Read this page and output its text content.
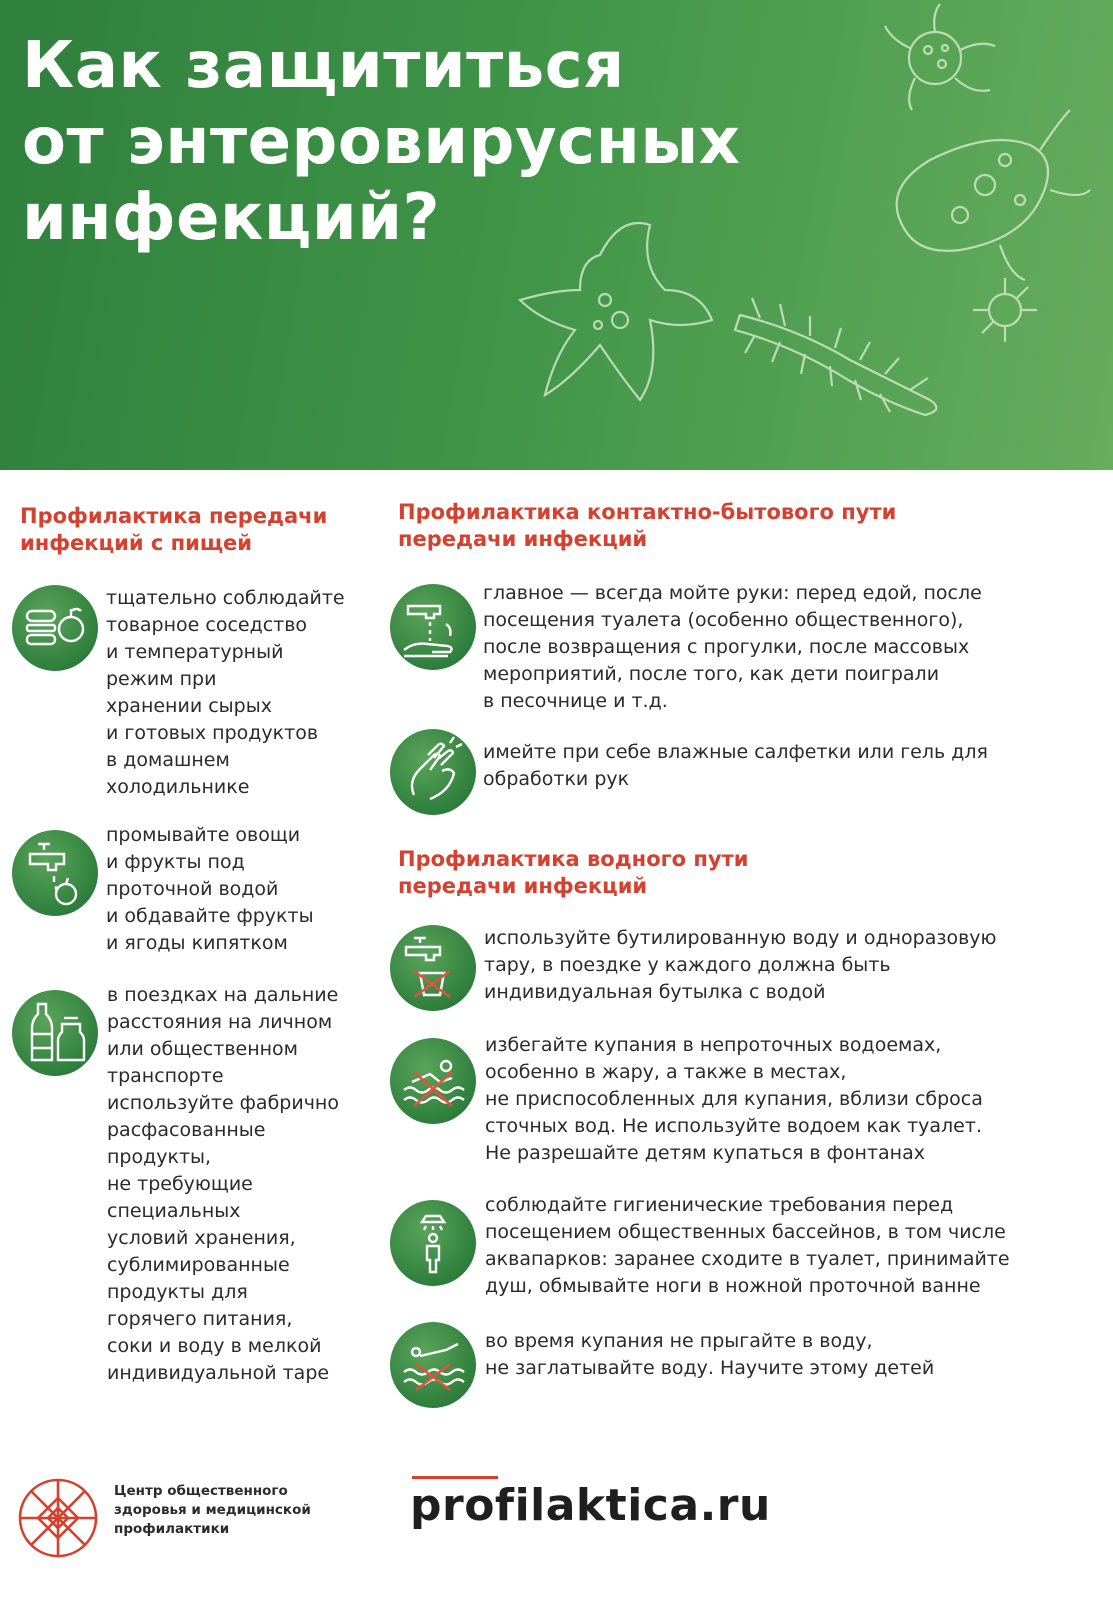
Как защититься
от энтеровирусных
инфекций?
Профилактика передачи
инфекций с пищей
тщательно соблюдайте
товарное соседство
и температурный
режим при
хранении сырых
и готовых продуктов
в домашнем
холодильнике
промывайте овощи
и фрукты под
проточной водой
и обдавайте фрукты
и ягоды кипятком
в поездках на дальние
расстояния на личном
или общественном
транспорте
используйте фабрично
расфасованные
продукты,
не требующие
специальных
условий хранения,
сублимированные
продукты для
горячего питания,
соки и воду в мелкой
индивидуальной таре
Профилактика контактно-бытового пути
передачи инфекций
главное — всегда мойте руки: перед едой, после
посещения туалета (особенно общественного),
после возвращения с прогулки, после массовых
мероприятий, после того, как дети поиграли
в песочнице и т.д.
имейте при себе влажные салфетки или гель для
обработки рук
Профилактика водного пути
передачи инфекций
используйте бутилированную воду и одноразовую
тару, в поездке у каждого должна быть
индивидуальная бутылка с водой
избегайте купания в непроточных водоемах,
особенно в жару, а также в местах,
не приспособленных для купания, вблизи сброса
сточных вод. Не используйте водоем как туалет.
Не разрешайте детям купаться в фонтанах
соблюдайте гигиенические требования перед
посещением общественных бассейнов, в том числе
аквапарков: заранее сходите в туалет, принимайте
душ, обмывайте ноги в ножной проточной ванне
во время купания не прыгайте в воду,
не заглатывайте воду. Научите этому детей
Центр общественного
здоровья и медицинской
профилактики	profilaktica.ru
